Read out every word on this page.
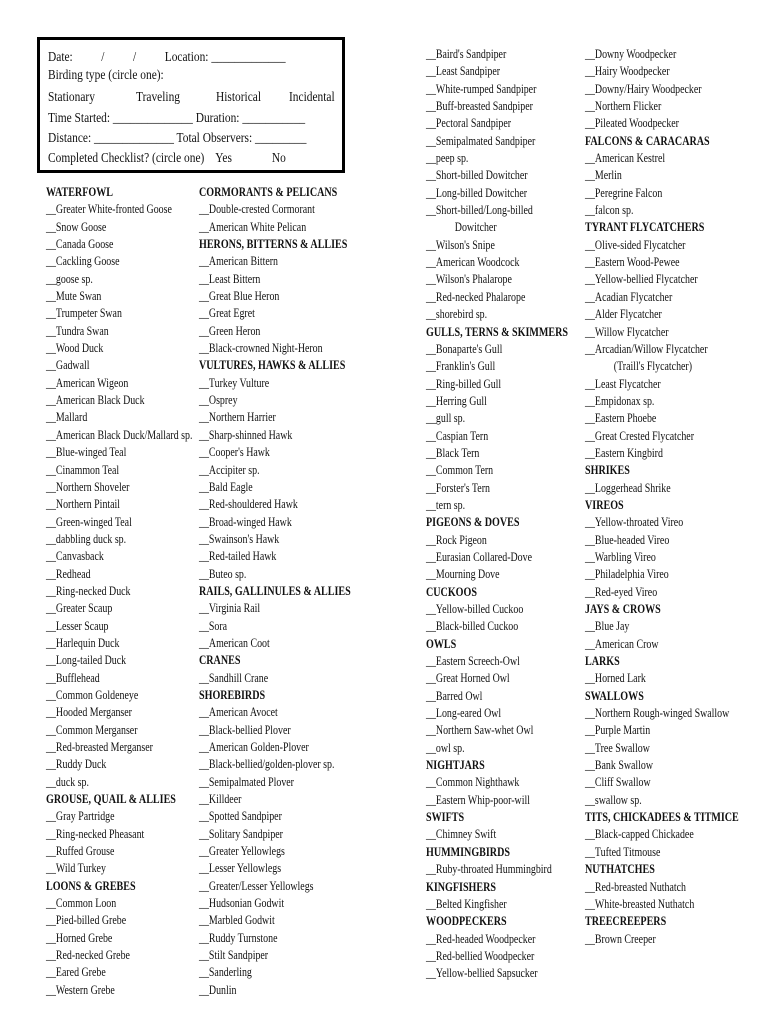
Date:          /          /          Location: _____________
Birding type (circle one):
Stationary	Traveling	Historical Incidental
Time Started: ______________ Duration: ___________
Distance: ______________ Total Observers: _________
Completed Checklist? (circle one)    Yes              No
WATERFOWL
__Greater White-fronted Goose
__Snow Goose
__Canada Goose
__Cackling Goose
__goose sp.
__Mute Swan
__Trumpeter Swan
__Tundra Swan
__Wood Duck
__Gadwall
__American Wigeon
__American Black Duck
__Mallard
__American Black Duck/Mallard sp.
__Blue-winged Teal
__Cinammon Teal
__Northern Shoveler
__Northern Pintail
__Green-winged Teal
__dabbling duck sp.
__Canvasback
__Redhead
__Ring-necked Duck
__Greater Scaup
__Lesser Scaup
__Harlequin Duck
__Long-tailed Duck
__Bufflehead
__Common Goldeneye
__Hooded Merganser
__Common Merganser
__Red-breasted Merganser
__Ruddy Duck
__duck sp.
GROUSE, QUAIL & ALLIES
__Gray Partridge
__Ring-necked Pheasant
__Ruffed Grouse
__Wild Turkey
LOONS & GREBES
__Common Loon
__Pied-billed Grebe
__Horned Grebe
__Red-necked Grebe
__Eared Grebe
__Western Grebe
CORMORANTS & PELICANS
__Double-crested Cormorant
__American White Pelican
HERONS, BITTERNS & ALLIES
__American Bittern
__Least Bittern
__Great Blue Heron
__Great Egret
__Green Heron
__Black-crowned Night-Heron
VULTURES, HAWKS & ALLIES
__Turkey Vulture
__Osprey
__Northern Harrier
__Sharp-shinned Hawk
__Cooper's Hawk
__Accipiter sp.
__Bald Eagle
__Red-shouldered Hawk
__Broad-winged Hawk
__Swainson's Hawk
__Red-tailed Hawk
__Buteo sp.
RAILS, GALLINULES & ALLIES
__Virginia Rail
__Sora
__American Coot
CRANES
__Sandhill Crane
SHOREBIRDS
__American Avocet
__Black-bellied Plover
__American Golden-Plover
__Black-bellied/golden-plover sp.
__Semipalmated Plover
__Killdeer
__Spotted Sandpiper
__Solitary Sandpiper
__Greater Yellowlegs
__Lesser Yellowlegs
__Greater/Lesser Yellowlegs
__Hudsonian Godwit
__Marbled Godwit
__Ruddy Turnstone
__Stilt Sandpiper
__Sanderling
__Dunlin
__Baird's Sandpiper
__Least Sandpiper
__White-rumped Sandpiper
__Buff-breasted Sandpiper
__Pectoral Sandpiper
__Semipalmated Sandpiper
__peep sp.
__Short-billed Dowitcher
__Long-billed Dowitcher
__Short-billed/Long-billed
Dowitcher
__Wilson's Snipe
__American Woodcock
__Wilson's Phalarope
__Red-necked Phalarope
__shorebird sp.
GULLS, TERNS & SKIMMERS
__Bonaparte's Gull
__Franklin's Gull
__Ring-billed Gull
__Herring Gull
__gull sp.
__Caspian Tern
__Black Tern
__Common Tern
__Forster's Tern
__tern sp.
PIGEONS & DOVES
__Rock Pigeon
__Eurasian Collared-Dove
__Mourning Dove
CUCKOOS
__Yellow-billed Cuckoo
__Black-billed Cuckoo
OWLS
__Eastern Screech-Owl
__Great Horned Owl
__Barred Owl
__Long-eared Owl
__Northern Saw-whet Owl
__owl sp.
NIGHTJARS
__Common Nighthawk
__Eastern Whip-poor-will
SWIFTS
__Chimney Swift
HUMMINGBIRDS
__Ruby-throated Hummingbird
KINGFISHERS
__Belted Kingfisher
WOODPECKERS
__Red-headed Woodpecker
__Red-bellied Woodpecker
__Yellow-bellied Sapsucker
__Downy Woodpecker
__Hairy Woodpecker
__Downy/Hairy Woodpecker
__Northern Flicker
__Pileated Woodpecker
FALCONS & CARACARAS
__American Kestrel
__Merlin
__Peregrine Falcon
__falcon sp.
TYRANT FLYCATCHERS
__Olive-sided Flycatcher
__Eastern Wood-Pewee
__Yellow-bellied Flycatcher
__Acadian Flycatcher
__Alder Flycatcher
__Willow Flycatcher
__Arcadian/Willow Flycatcher
(Traill's Flycatcher)
__Least Flycatcher
__Empidonax sp.
__Eastern Phoebe
__Great Crested Flycatcher
__Eastern Kingbird
SHRIKES
__Loggerhead Shrike
VIREOS
__Yellow-throated Vireo
__Blue-headed Vireo
__Warbling Vireo
__Philadelphia Vireo
__Red-eyed Vireo
JAYS & CROWS
__Blue Jay
__American Crow
LARKS
__Horned Lark
SWALLOWS
__Northern Rough-winged Swallow
__Purple Martin
__Tree Swallow
__Bank Swallow
__Cliff Swallow
__swallow sp.
TITS, CHICKADEES & TITMICE
__Black-capped Chickadee
__Tufted Titmouse
NUTHATCHES
__Red-breasted Nuthatch
__White-breasted Nuthatch
TREECREEPERS
__Brown Creeper
